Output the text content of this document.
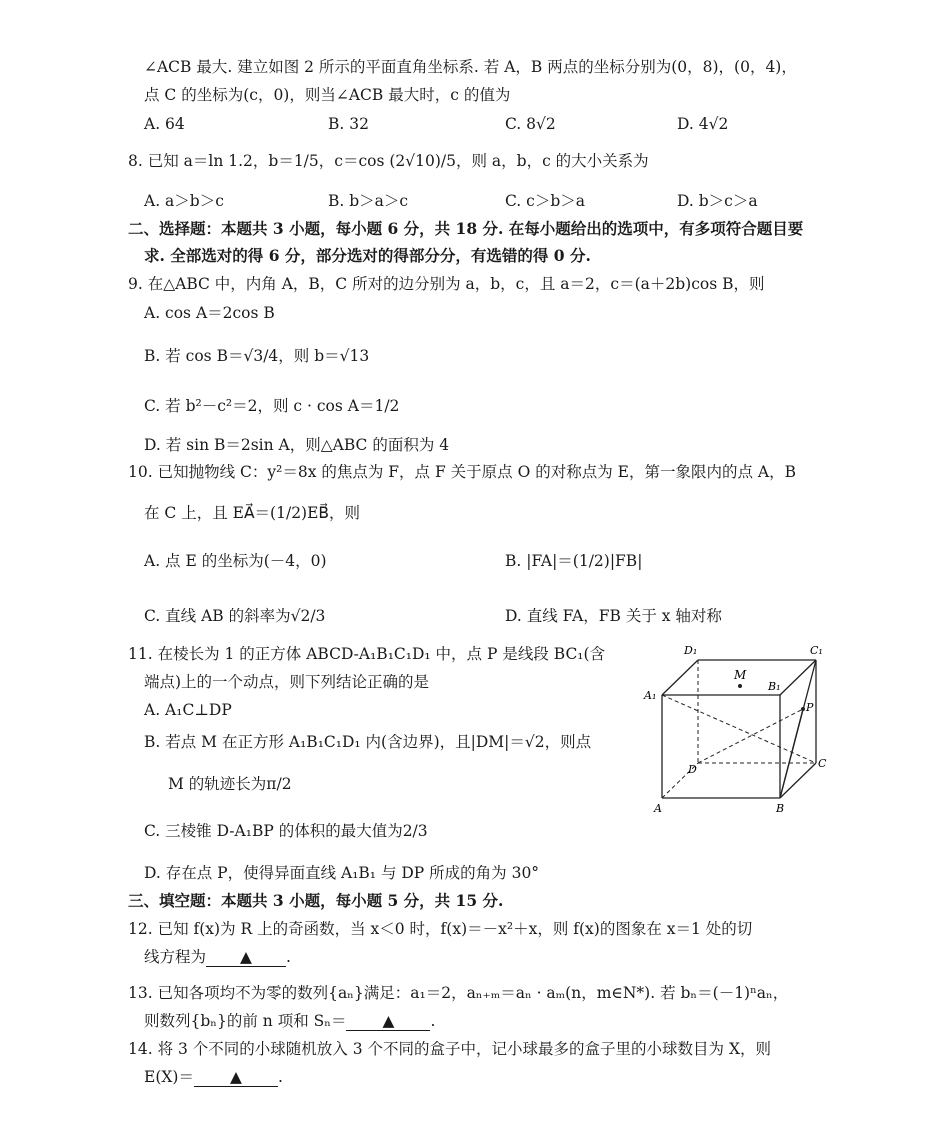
∠ACB 最大. 建立如图 2 所示的平面直角坐标系. 若 A，B 两点的坐标分别为(0，8)，(0，4)，
点 C 的坐标为(c，0)，则当∠ACB 最大时，c 的值为
A. 64	B. 32	C. 8√2	D. 4√2
8. 已知 a＝ln 1.2，b＝1/5，c＝cos (2√10)/5，则 a，b，c 的大小关系为
A. a＞b＞c	B. b＞a＞c	C. c＞b＞a	D. b＞c＞a
二、选择题：本题共 3 小题，每小题 6 分，共 18 分. 在每小题给出的选项中，有多项符合题目要
求. 全部选对的得 6 分，部分选对的得部分分，有选错的得 0 分.
9. 在△ABC 中，内角 A，B，C 所对的边分别为 a，b，c，且 a＝2，c＝(a＋2b)cos B，则
A. cos A＝2cos B
B. 若 cos B＝√3/4，则 b＝√13
C. 若 b²－c²＝2，则 c · cos A＝1/2
D. 若 sin B＝2sin A，则△ABC 的面积为 4
10. 已知抛物线 C：y²＝8x 的焦点为 F，点 F 关于原点 O 的对称点为 E，第一象限内的点 A，B
在 C 上，且 EA⃗＝(1/2)EB⃗，则
A. 点 E 的坐标为(－4，0)	B. |FA|＝(1/2)|FB|
C. 直线 AB 的斜率为√2/3	D. 直线 FA，FB 关于 x 轴对称
11. 在棱长为 1 的正方体 ABCD-A₁B₁C₁D₁ 中，点 P 是线段 BC₁(含
端点)上的一个动点，则下列结论正确的是
A. A₁C⊥DP
B. 若点 M 在正方形 A₁B₁C₁D₁ 内(含边界)，且|DM|＝√2，则点
M 的轨迹长为π/2
C. 三棱锥 D-A₁BP 的体积的最大值为2/3
D. 存在点 P，使得异面直线 A₁B₁ 与 DP 所成的角为 30°
D₁	C₁
M
B₁
A₁
P
D	C
A	B
三、填空题：本题共 3 小题，每小题 5 分，共 15 分.
12. 已知 f(x)为 R 上的奇函数，当 x＜0 时，f(x)＝－x²＋x，则 f(x)的图象在 x＝1 处的切
线方程为 ▲ .
13. 已知各项均不为零的数列{aₙ}满足：a₁＝2，aₙ₊ₘ＝aₙ · aₘ(n，m∈N*). 若 bₙ＝(－1)ⁿaₙ，
则数列{bₙ}的前 n 项和 Sₙ＝ ▲ .
14. 将 3 个不同的小球随机放入 3 个不同的盒子中，记小球最多的盒子里的小球数目为 X，则
E(X)＝ ▲ .
